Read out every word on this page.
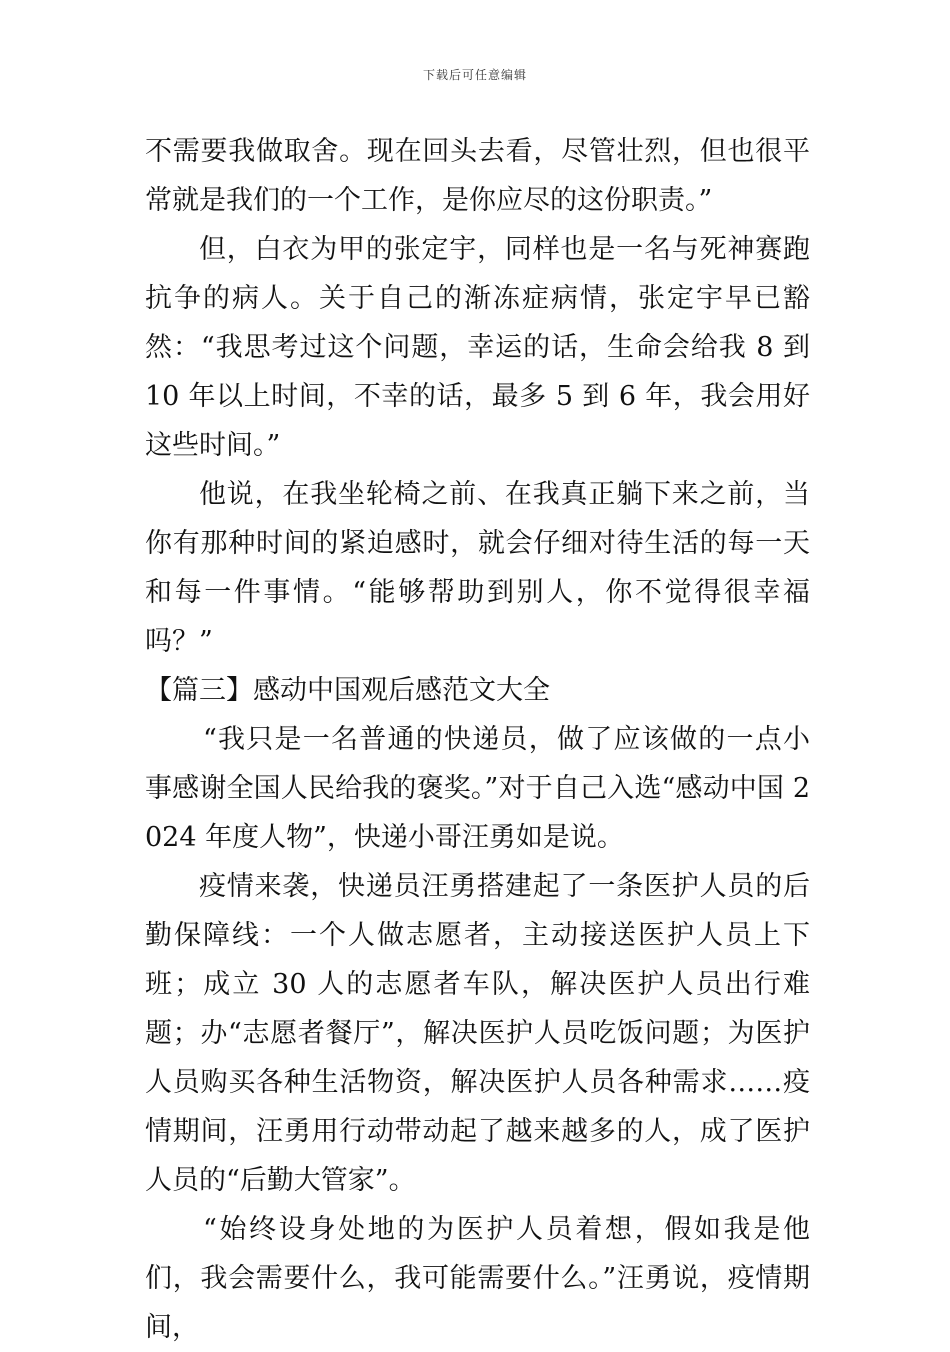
下载后可任意编辑

不需要我做取舍。现在回头去看，尽管壮烈，但也很平常就是我们的一个工作，是你应尽的这份职责。”

但，白衣为甲的张定宇，同样也是一名与死神赛跑抗争的病人。关于自己的渐冻症病情，张定宇早已豁然：“我思考过这个问题，幸运的话，生命会给我 8 到 10 年以上时间，不幸的话，最多 5 到 6 年，我会用好这些时间。”

他说，在我坐轮椅之前、在我真正躺下来之前，当你有那种时间的紧迫感时，就会仔细对待生活的每一天和每一件事情。“能够帮助到别人，你不觉得很幸福吗？”

【篇三】感动中国观后感范文大全

“我只是一名普通的快递员，做了应该做的一点小事感谢全国人民给我的褒奖。”对于自己入选“感动中国 2024 年度人物”，快递小哥汪勇如是说。

疫情来袭，快递员汪勇搭建起了一条医护人员的后勤保障线：一个人做志愿者，主动接送医护人员上下班；成立 30 人的志愿者车队，解决医护人员出行难题；办“志愿者餐厅”，解决医护人员吃饭问题；为医护人员购买各种生活物资，解决医护人员各种需求……疫情期间，汪勇用行动带动起了越来越多的人，成了医护人员的“后勤大管家”。

“始终设身处地的为医护人员着想，假如我是他们，我会需要什么，我可能需要什么。”汪勇说，疫情期间，
